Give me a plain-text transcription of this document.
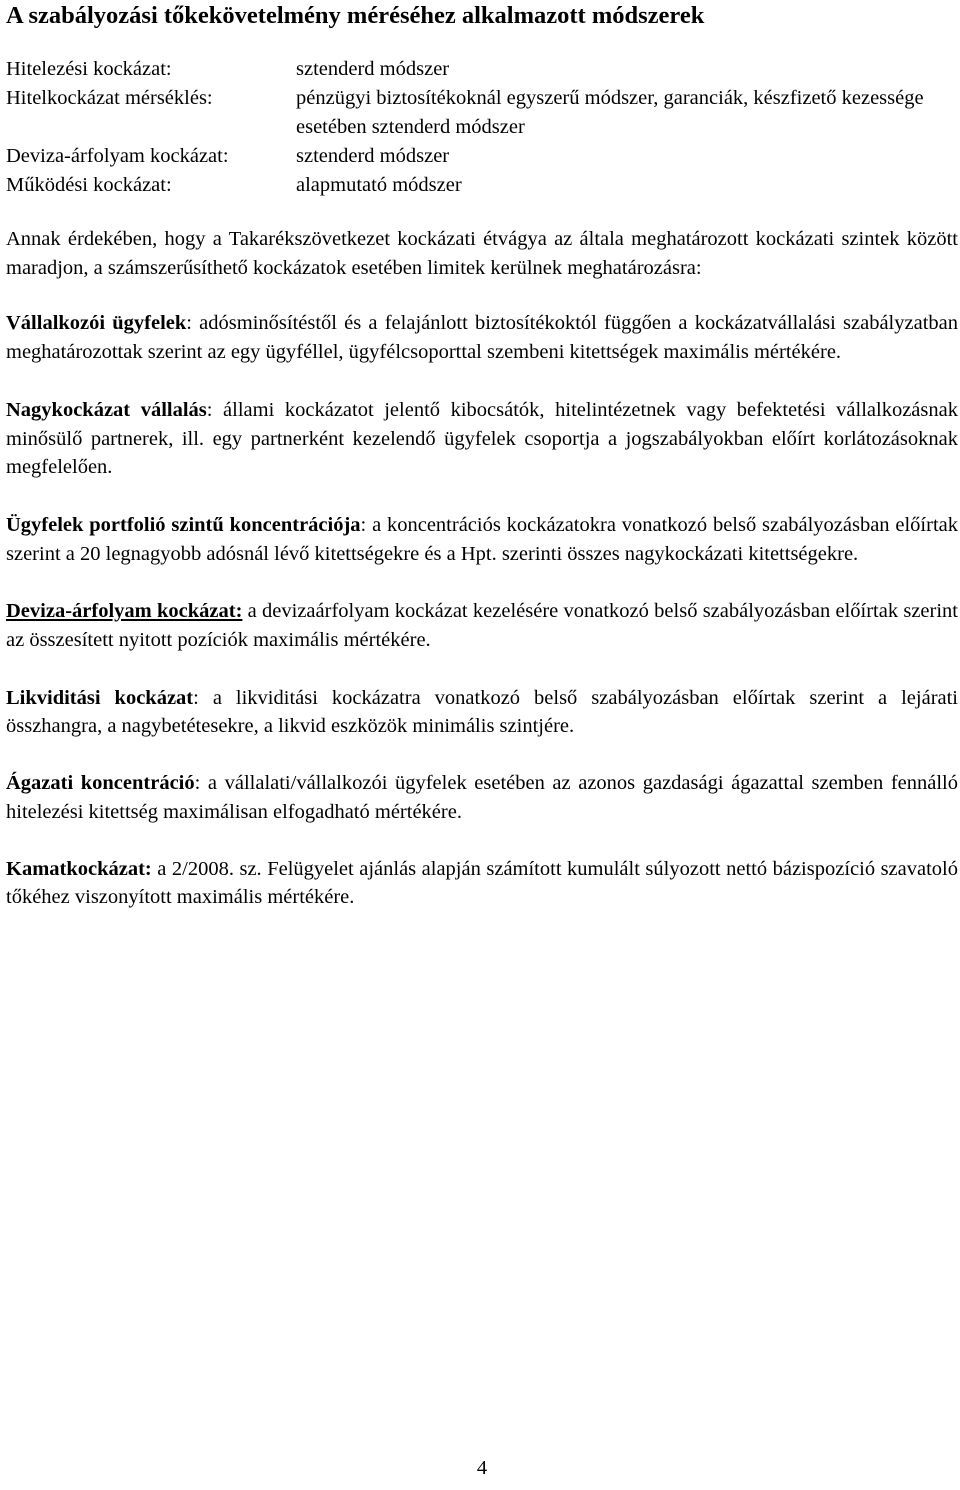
A szabályozási tőkekövetelmény méréséhez alkalmazott módszerek
Hitelezési kockázat:	sztenderd módszer
Hitelkockázat mérséklés:	pénzügyi biztosítékoknál egyszerű módszer, garanciák, készfizető kezessége esetében sztenderd módszer
Deviza-árfolyam kockázat:	sztenderd módszer
Működési kockázat:	alapmutató módszer

Annak érdekében, hogy a Takarékszövetkezet kockázati étvágya az általa meghatározott kockázati szintek között maradjon, a számszerűsíthető kockázatok esetében limitek kerülnek meghatározásra:

Vállalkozói ügyfelek: adósminősítéstől és a felajánlott biztosítékoktól függően a kockázatvállalási szabályzatban meghatározottak szerint az egy ügyféllel, ügyfélcsoporttal szembeni kitettségek maximális mértékére.

Nagykockázat vállalás: állami kockázatot jelentő kibocsátók, hitelintézetnek vagy befektetési vállalkozásnak minősülő partnerek, ill. egy partnerként kezelendő ügyfelek csoportja a jogszabályokban előírt korlátozásoknak megfelelően.

Ügyfelek portfolió szintű koncentrációja: a koncentrációs kockázatokra vonatkozó belső szabályozásban előírtak szerint a 20 legnagyobb adósnál lévő kitettségekre és a Hpt. szerinti összes nagykockázati kitettségekre.

Deviza-árfolyam kockázat: a devizaárfolyam kockázat kezelésére vonatkozó belső szabályozásban előírtak szerint az összesített nyitott pozíciók maximális mértékére.

Likviditási kockázat: a likviditási kockázatra vonatkozó belső szabályozásban előírtak szerint a lejárati összhangra, a nagybetétesekre, a likvid eszközök minimális szintjére.

Ágazati koncentráció: a vállalati/vállalkozói ügyfelek esetében az azonos gazdasági ágazattal szemben fennálló hitelezési kitettség maximálisan elfogadható mértékére.

Kamatkockázat: a 2/2008. sz. Felügyelet ajánlás alapján számított kumulált súlyozott nettó bázispozíció szavatoló tőkéhez viszonyított maximális mértékére.

4
